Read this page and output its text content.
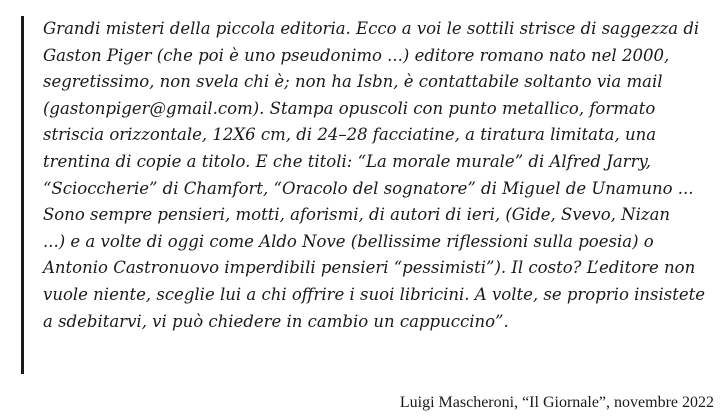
Grandi misteri della piccola editoria. Ecco a voi le sottili strisce di saggezza di
Gaston Piger (che poi è uno pseudonimo ...) editore romano nato nel 2000,
segretissimo, non svela chi è; non ha Isbn, è contattabile soltanto via mail
(gastonpiger@gmail.com). Stampa opuscoli con punto metallico, formato
striscia orizzontale, 12X6 cm, di 24–28 facciatine, a tiratura limitata, una
trentina di copie a titolo. E che titoli: “La morale murale” di Alfred Jarry,
“Scioccherie” di Chamfort, “Oracolo del sognatore” di Miguel de Unamuno ...
Sono sempre pensieri, motti, aforismi, di autori di ieri, (Gide, Svevo, Nizan
...) e a volte di oggi come Aldo Nove (bellissime riflessioni sulla poesia) o
Antonio Castronuovo imperdibili pensieri “pessimisti”). Il costo? L’editore non
vuole niente, sceglie lui a chi offrire i suoi libricini. A volte, se proprio insistete
a sdebitarvi, vi può chiedere in cambio un cappuccino”.

Luigi Mascheroni, “Il Giornale”, novembre 2022
